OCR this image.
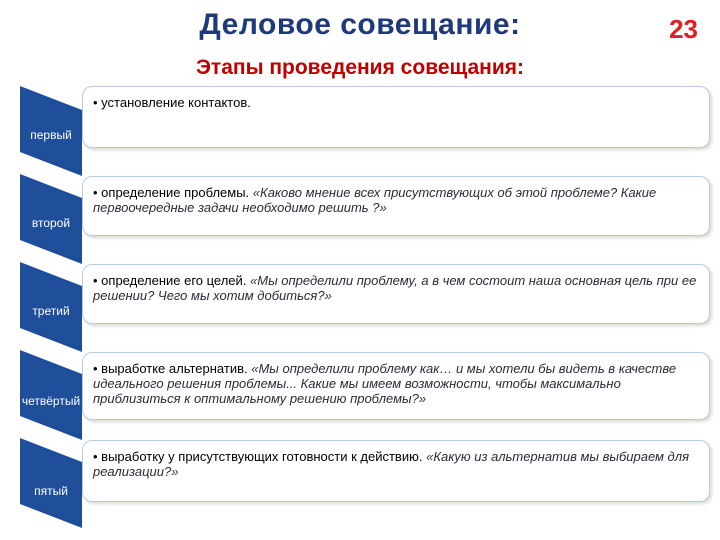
Деловое совещание:	23
Этапы проведения совещания:
первый
• установление контактов.
второй
• определение проблемы. «Каково мнение всех присутствующих об этой проблеме? Какие первоочередные задачи необходимо решить ?»
третий
• определение его целей. «Мы определили проблему, а в чем состоит наша основная цель при ее решении? Чего мы хотим добиться?»
четвёртый
• выработке альтернатив. «Мы определили проблему как… и мы хотели бы видеть в качестве идеального решения проблемы... Какие мы имеем возможности, чтобы максимально приблизиться к оптимальному решению проблемы?»
пятый
• выработку у присутствующих готовности к действию. «Какую из альтернатив мы выбираем для реализации?»
